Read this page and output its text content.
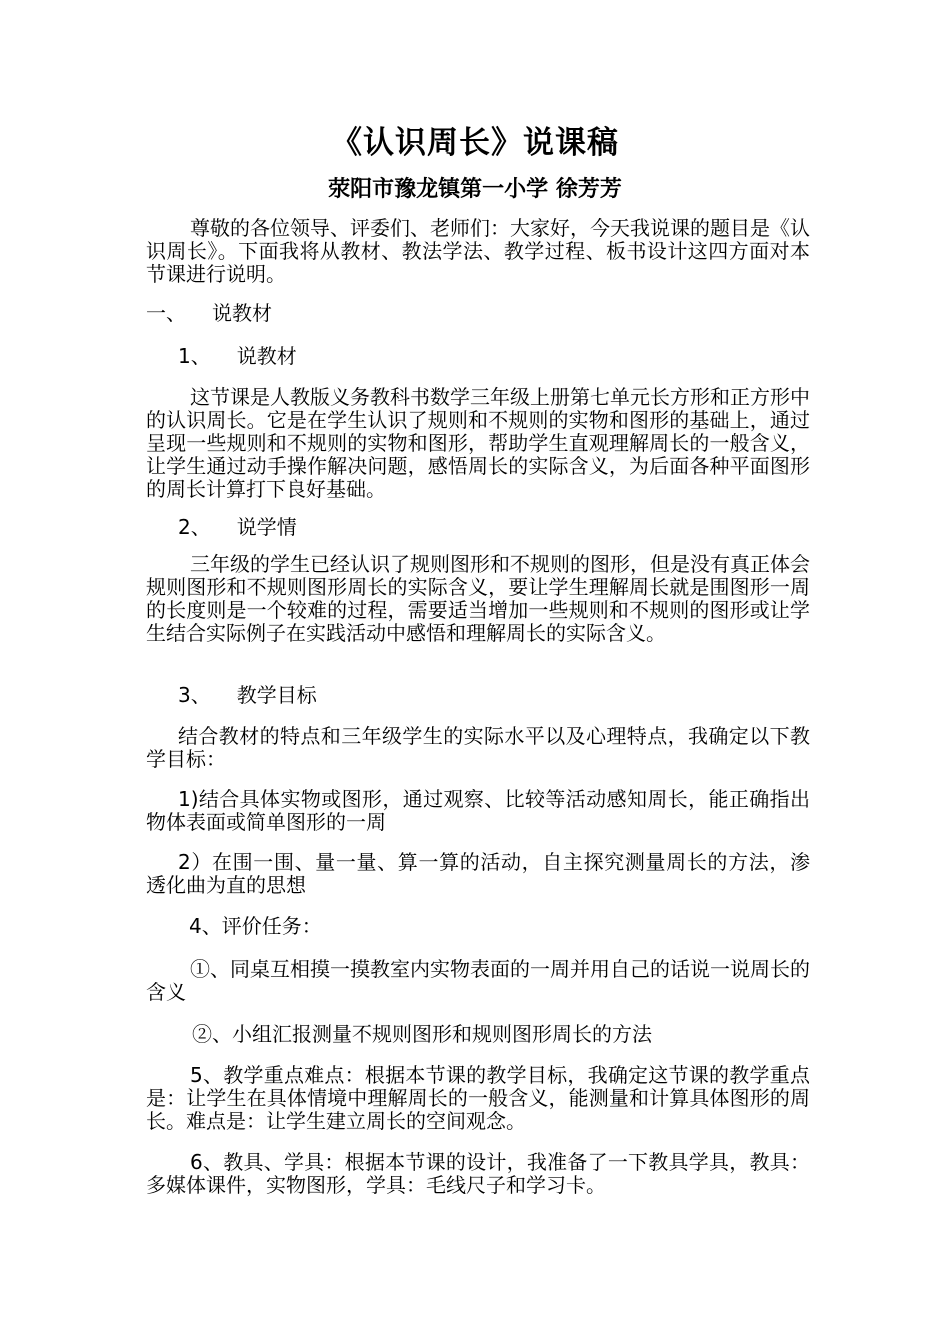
《认识周长》说课稿
荥阳市豫龙镇第一小学 徐芳芳

尊敬的各位领导、评委们、老师们：大家好，今天我说课的题目是《认识周长》。下面我将从教材、教法学法、教学过程、板书设计这四方面对本节课进行说明。

一、 说教材

1、 说教材

这节课是人教版义务教科书数学三年级上册第七单元长方形和正方形中的认识周长。它是在学生认识了规则和不规则的实物和图形的基础上，通过呈现一些规则和不规则的实物和图形，帮助学生直观理解周长的一般含义，让学生通过动手操作解决问题，感悟周长的实际含义，为后面各种平面图形的周长计算打下良好基础。

2、 说学情

三年级的学生已经认识了规则图形和不规则的图形，但是没有真正体会规则图形和不规则图形周长的实际含义，要让学生理解周长就是围图形一周的长度则是一个较难的过程，需要适当增加一些规则和不规则的图形或让学生结合实际例子在实践活动中感悟和理解周长的实际含义。

3、 教学目标

结合教材的特点和三年级学生的实际水平以及心理特点，我确定以下教学目标：

1)结合具体实物或图形，通过观察、比较等活动感知周长，能正确指出物体表面或简单图形的一周

2）在围一围、量一量、算一算的活动，自主探究测量周长的方法，渗透化曲为直的思想

4、评价任务：

①、同桌互相摸一摸教室内实物表面的一周并用自己的话说一说周长的含义

②、小组汇报测量不规则图形和规则图形周长的方法

5、教学重点难点：根据本节课的教学目标，我确定这节课的教学重点是：让学生在具体情境中理解周长的一般含义，能测量和计算具体图形的周长。难点是：让学生建立周长的空间观念。

6、教具、学具：根据本节课的设计，我准备了一下教具学具，教具：多媒体课件，实物图形，学具：毛线尺子和学习卡。
